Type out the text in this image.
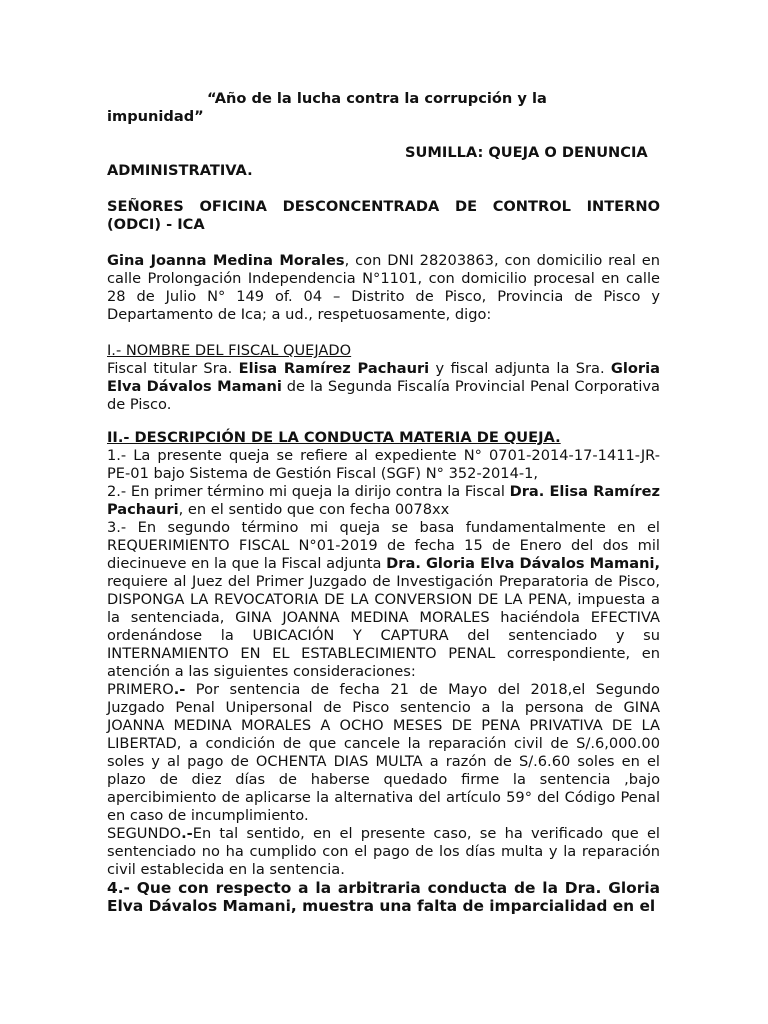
“Año de la lucha contra la corrupción y la

impunidad”

SUMILLA: QUEJA O DENUNCIA

ADMINISTRATIVA.

SEÑORES OFICINA DESCONCENTRADA DE CONTROL INTERNO (ODCI) - ICA

Gina Joanna Medina Morales, con DNI 28203863, con domicilio real en calle Prolongación Independencia N°1101, con domicilio procesal en calle 28 de Julio N° 149 of. 04 – Distrito de Pisco, Provincia de Pisco y Departamento de Ica; a ud., respetuosamente, digo:

I.- NOMBRE DEL FISCAL QUEJADO

Fiscal titular Sra. Elisa Ramírez Pachauri y fiscal adjunta la Sra. Gloria Elva Dávalos Mamani de la Segunda Fiscalía Provincial Penal Corporativa de Pisco.

II.- DESCRIPCIÓN DE LA CONDUCTA MATERIA DE QUEJA.

1.- La presente queja se refiere al expediente N° 0701-2014-17-1411-JR-PE-01 bajo Sistema de Gestión Fiscal (SGF) N° 352-2014-1,

2.- En primer término mi queja la dirijo contra la Fiscal Dra. Elisa Ramírez Pachauri, en el sentido que con fecha 0078xx

3.- En segundo término mi queja se basa fundamentalmente en el REQUERIMIENTO FISCAL N°01-2019 de fecha 15 de Enero del dos mil diecinueve en la que la Fiscal adjunta Dra. Gloria Elva Dávalos Mamani, requiere al Juez del Primer Juzgado de Investigación Preparatoria de Pisco, DISPONGA LA REVOCATORIA DE LA CONVERSION DE LA PENA, impuesta a la sentenciada, GINA JOANNA MEDINA MORALES haciéndola EFECTIVA ordenándose la UBICACIÓN Y CAPTURA del sentenciado y su INTERNAMIENTO EN EL ESTABLECIMIENTO PENAL correspondiente, en atención a las siguientes consideraciones:

PRIMERO.- Por sentencia de fecha 21 de Mayo del 2018,el Segundo Juzgado Penal Unipersonal de Pisco sentencio a la persona de GINA JOANNA MEDINA MORALES A OCHO MESES DE PENA PRIVATIVA DE LA LIBERTAD, a condición de que cancele la reparación civil de S/.6,000.00 soles y al pago de OCHENTA DIAS MULTA a razón de S/.6.60 soles en el plazo de diez días de haberse quedado firme la sentencia ,bajo apercibimiento de aplicarse la alternativa del artículo 59° del Código Penal en caso de incumplimiento.

SEGUNDO.-En tal sentido, en el presente caso, se ha verificado que el sentenciado no ha cumplido con el pago de los días multa y la reparación civil establecida en la sentencia.

4.- Que con respecto a la arbitraria conducta de la Dra. Gloria Elva Dávalos Mamani, muestra una falta de imparcialidad en el
